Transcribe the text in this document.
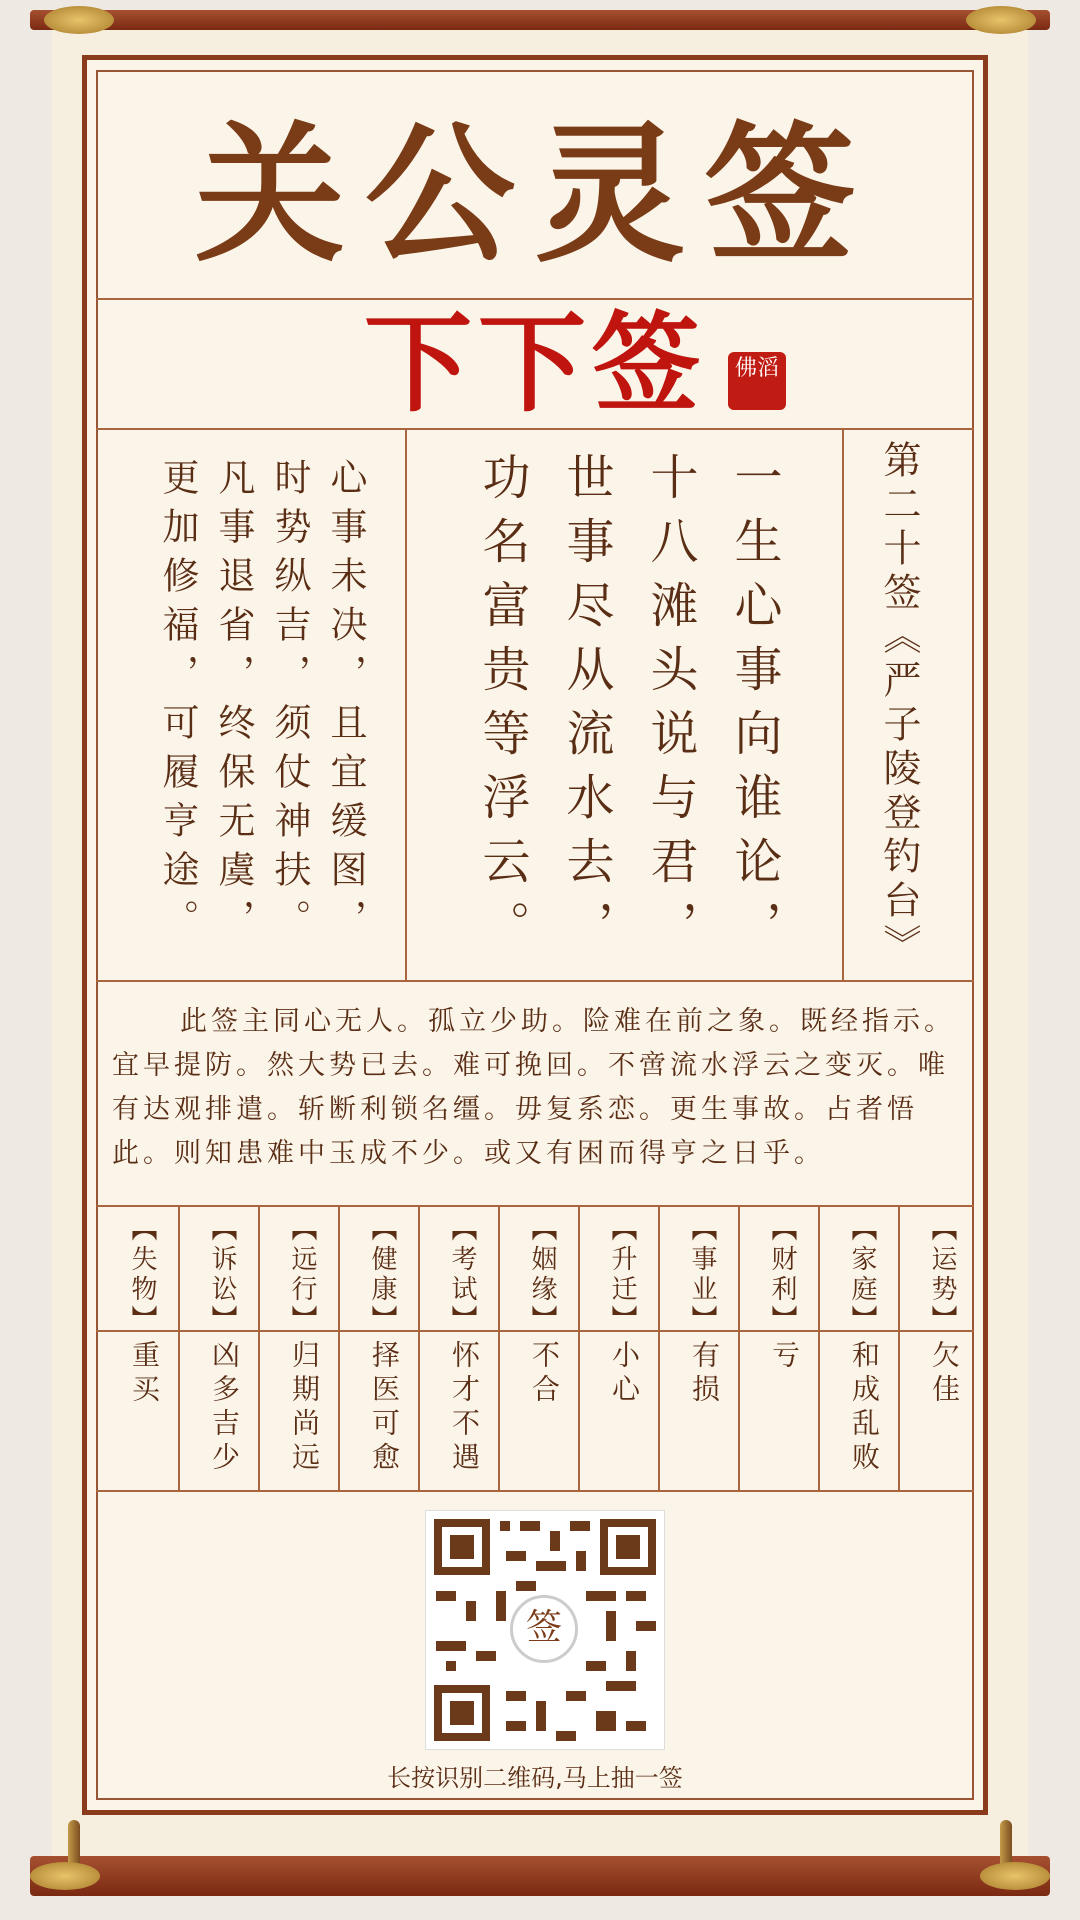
关公灵签
下下签	佛滔
第二十签《严子陵登钓台》
一生心事向谁论，
十八滩头说与君，
世事尽从流水去，
功名富贵等浮云。
心事未决，且宜缓图，
时势纵吉，须仗神扶。
凡事退省，终保无虞，
更加修福，可履亨途。
此签主同心无人。孤立少助。险难在前之象。既经指示。宜早提防。然大势已去。难可挽回。不啻流水浮云之变灭。唯有达观排遣。斩断利锁名缰。毋复系恋。更生事故。占者悟此。则知患难中玉成不少。或又有困而得亨之日乎。
【运势】
欠佳
【家庭】
和成乱败
【财利】
亏
【事业】
有损
【升迁】
小心
【姻缘】
不合
【考试】
怀才不遇
【健康】
择医可愈
【远行】
归期尚远
【诉讼】
凶多吉少
【失物】
重买
签
长按识别二维码,马上抽一签
